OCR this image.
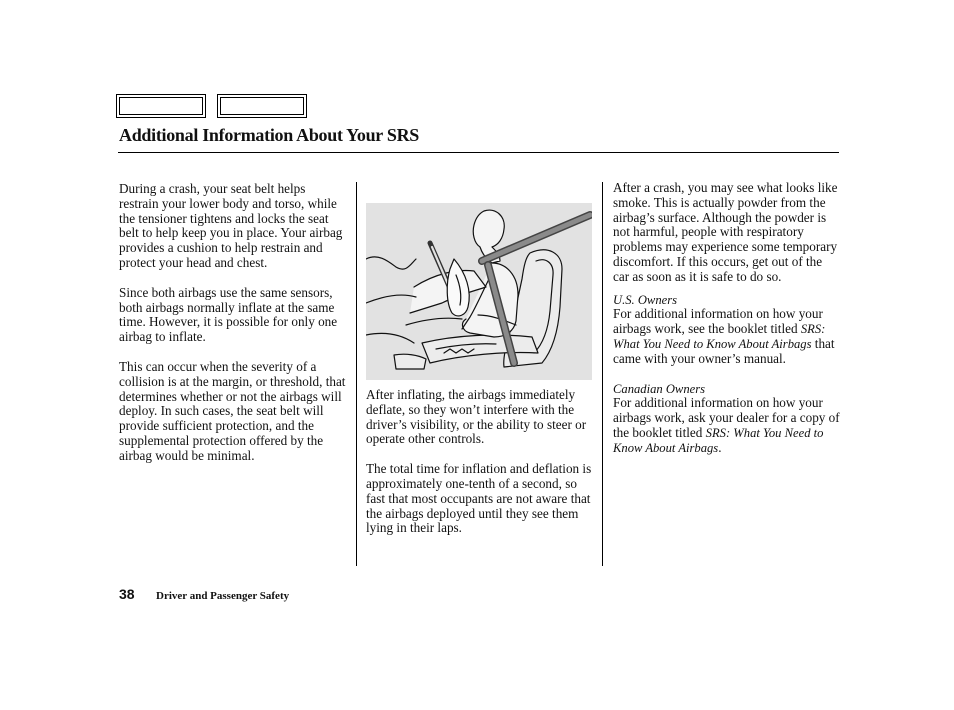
Additional Information About Your SRS

During a crash, your seat belt helps restrain your lower body and torso, while the tensioner tightens and locks the seat belt to help keep you in place. Your airbag provides a cushion to help restrain and protect your head and chest.

Since both airbags use the same sensors, both airbags normally inflate at the same time. However, it is possible for only one airbag to inflate.

This can occur when the severity of a collision is at the margin, or threshold, that determines whether or not the airbags will deploy. In such cases, the seat belt will provide sufficient protection, and the supplemental protection offered by the airbag would be minimal.

After inflating, the airbags immediately deflate, so they won’t interfere with the driver’s visibility, or the ability to steer or operate other controls.

The total time for inflation and deflation is approximately one-tenth of a second, so fast that most occupants are not aware that the airbags deployed until they see them lying in their laps.

After a crash, you may see what looks like smoke. This is actually powder from the airbag’s surface. Although the powder is not harmful, people with respiratory problems may experience some temporary discomfort. If this occurs, get out of the car as soon as it is safe to do so.

U.S. Owners
For additional information on how your airbags work, see the booklet titled SRS: What You Need to Know About Airbags that came with your owner’s manual.
Canadian Owners
For additional information on how your airbags work, ask your dealer for a copy of the booklet titled SRS: What You Need to Know About Airbags.
38 Driver and Passenger Safety
